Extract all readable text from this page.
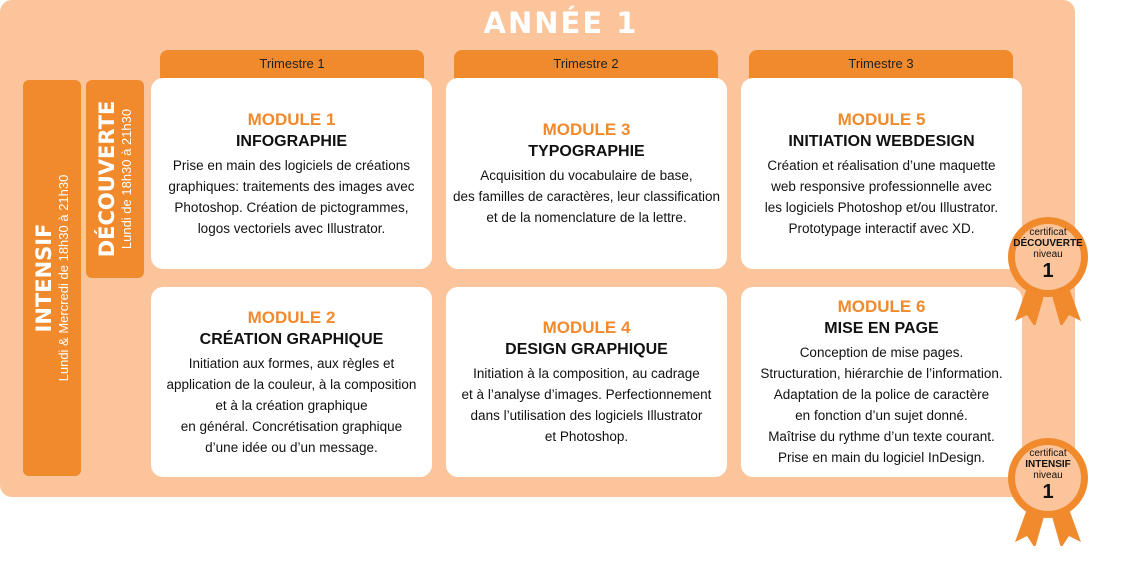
ANNÉE 1
Trimestre 1	Trimestre 2	Trimestre 3
INTENSIF Lundi & Mercredi de 18h30 à 21h30 DÉCOUVERTE Lundi de 18h30 à 21h30	MODULE 1
INFOGRAPHIE
Prise en main des logiciels de créations
graphiques: traitements des images avec
Photoshop. Création de pictogrammes,
logos vectoriels avec Illustrator.
MODULE 3
TYPOGRAPHIE
Acquisition du vocabulaire de base,
des familles de caractères, leur classification
et de la nomenclature de la lettre.
MODULE 5
INITIATION WEBDESIGN
Création et réalisation d’une maquette
web responsive professionnelle avec
les logiciels Photoshop et/ou Illustrator.
Prototypage interactif avec XD.
MODULE 2
CRÉATION GRAPHIQUE
Initiation aux formes, aux règles et
application de la couleur, à la composition
et à la création graphique
en général. Concrétisation graphique
d’une idée ou d’un message.
MODULE 4
DESIGN GRAPHIQUE
Initiation à la composition, au cadrage
et à l’analyse d’images. Perfectionnement
dans l’utilisation des logiciels Illustrator
et Photoshop.
MODULE 6
MISE EN PAGE
Conception de mise pages.
Structuration, hiérarchie de l’information.
Adaptation de la police de caractère
en fonction d’un sujet donné.
Maîtrise du rythme d’un texte courant.
Prise en main du logiciel InDesign.
certificat
DÉCOUVERTE
niveau
1
certificat
INTENSIF
niveau
1
